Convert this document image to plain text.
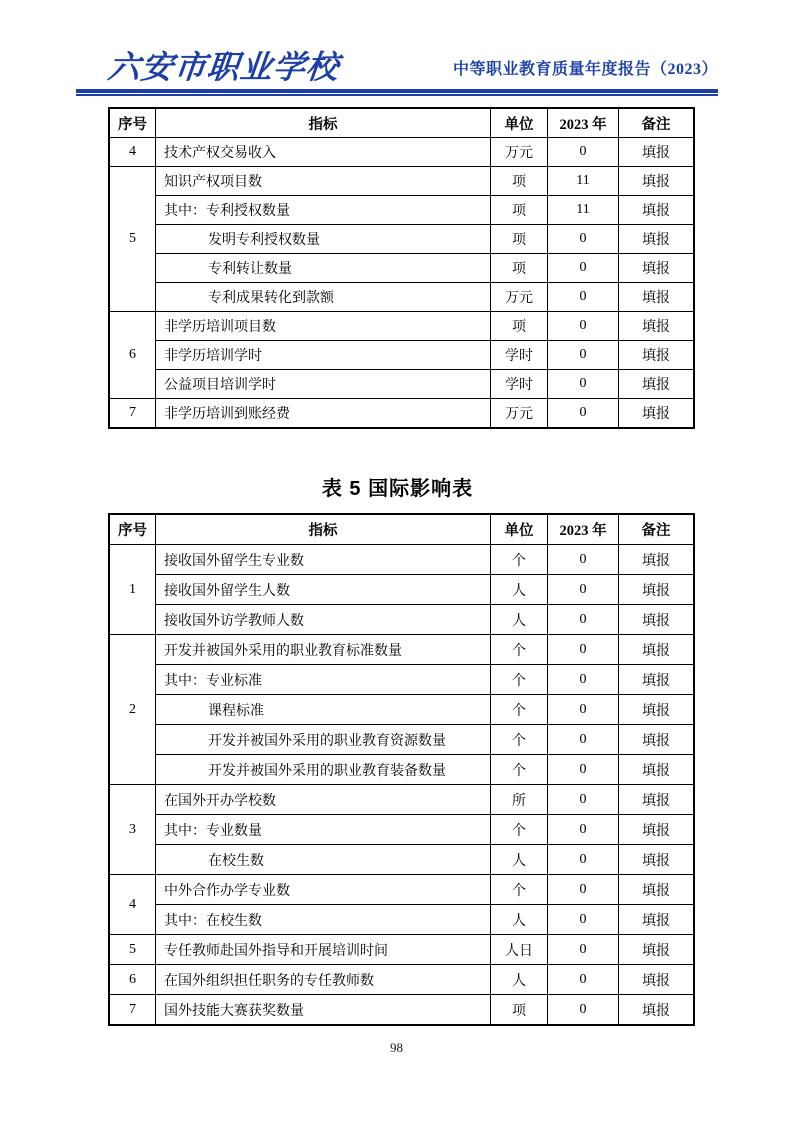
六安市职业学校	中等职业教育质量年度报告（2023）
序号	指标	单位	2023 年	备注
4	技术产权交易收入	万元	0	填报
5	知识产权项目数	项	11	填报
	其中：专利授权数量	项	11	填报
	发明专利授权数量	项	0	填报
	专利转让数量	项	0	填报
	专利成果转化到款额	万元	0	填报
6	非学历培训项目数	项	0	填报
	非学历培训学时	学时	0	填报
	公益项目培训学时	学时	0	填报
7	非学历培训到账经费	万元	0	填报
表 5 国际影响表
序号	指标	单位	2023 年	备注
1	接收国外留学生专业数	个	0	填报
	接收国外留学生人数	人	0	填报
	接收国外访学教师人数	人	0	填报
2	开发并被国外采用的职业教育标准数量	个	0	填报
	其中：专业标准	个	0	填报
	课程标准	个	0	填报
	开发并被国外采用的职业教育资源数量	个	0	填报
	开发并被国外采用的职业教育装备数量	个	0	填报
3	在国外开办学校数	所	0	填报
	其中：专业数量	个	0	填报
	在校生数	人	0	填报
4	中外合作办学专业数	个	0	填报
	其中：在校生数	人	0	填报
5	专任教师赴国外指导和开展培训时间	人日	0	填报
6	在国外组织担任职务的专任教师数	人	0	填报
7	国外技能大赛获奖数量	项	0	填报
98
